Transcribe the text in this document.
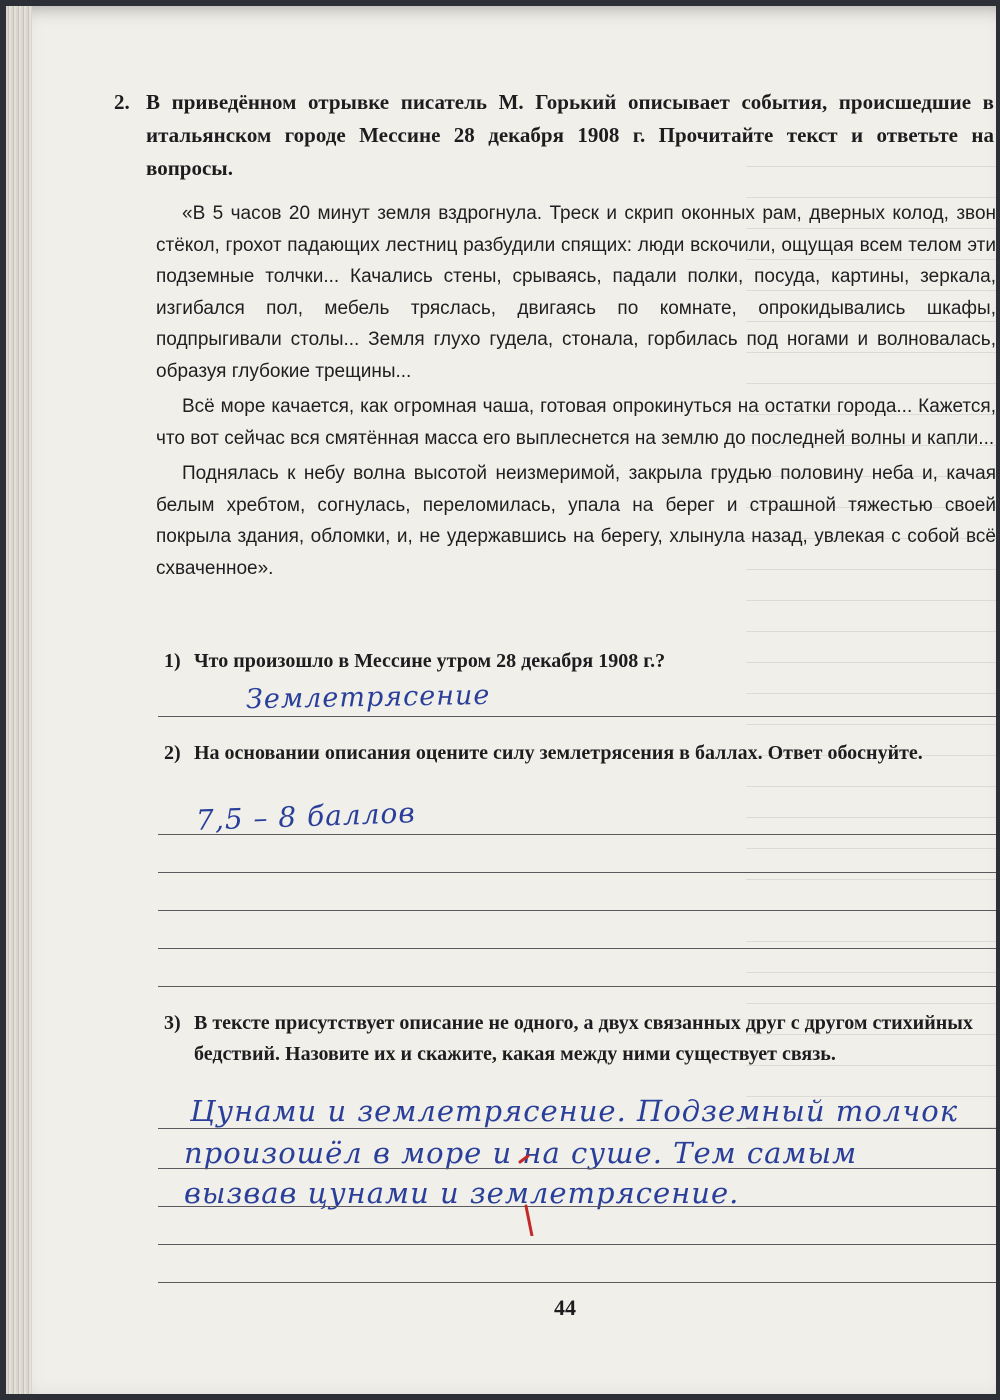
2. В приведённом отрывке писатель М. Горький описывает события, происшедшие в итальянском городе Мессине 28 декабря 1908 г. Прочитайте текст и ответьте на вопросы.

«В 5 часов 20 минут земля вздрогнула. Треск и скрип оконных рам, дверных колод, звон стёкол, грохот падающих лестниц разбудили спящих: люди вскочили, ощущая всем телом эти подземные толчки... Качались стены, срываясь, падали полки, посуда, картины, зеркала, изгибался пол, мебель тряслась, двигаясь по комнате, опрокидывались шкафы, подпрыгивали столы... Земля глухо гудела, стонала, горбилась под ногами и волновалась, образуя глубокие трещины...

Всё море качается, как огромная чаша, готовая опрокинуться на остатки города... Кажется, что вот сейчас вся смятённая масса его выплеснется на землю до последней волны и капли...

Поднялась к небу волна высотой неизмеримой, закрыла грудью половину неба и, качая белым хребтом, согнулась, переломилась, упала на берег и страшной тяжестью своей покрыла здания, обломки, и, не удержавшись на берегу, хлынула назад, увлекая с собой всё схваченное».

1) Что произошло в Мессине утром 28 декабря 1908 г.?
Землетрясение
2) На основании описания оцените силу землетрясения в баллах. Ответ обоснуйте.
7,5 – 8 баллов
3) В тексте присутствует описание не одного, а двух связанных друг с другом стихийных бедствий. Назовите их и скажите, какая между ними существует связь.
Цунами и землетрясение. Подземный толчок
произошёл в море и на суше. Тем самым
вызвав цунами и землетрясение.
44
